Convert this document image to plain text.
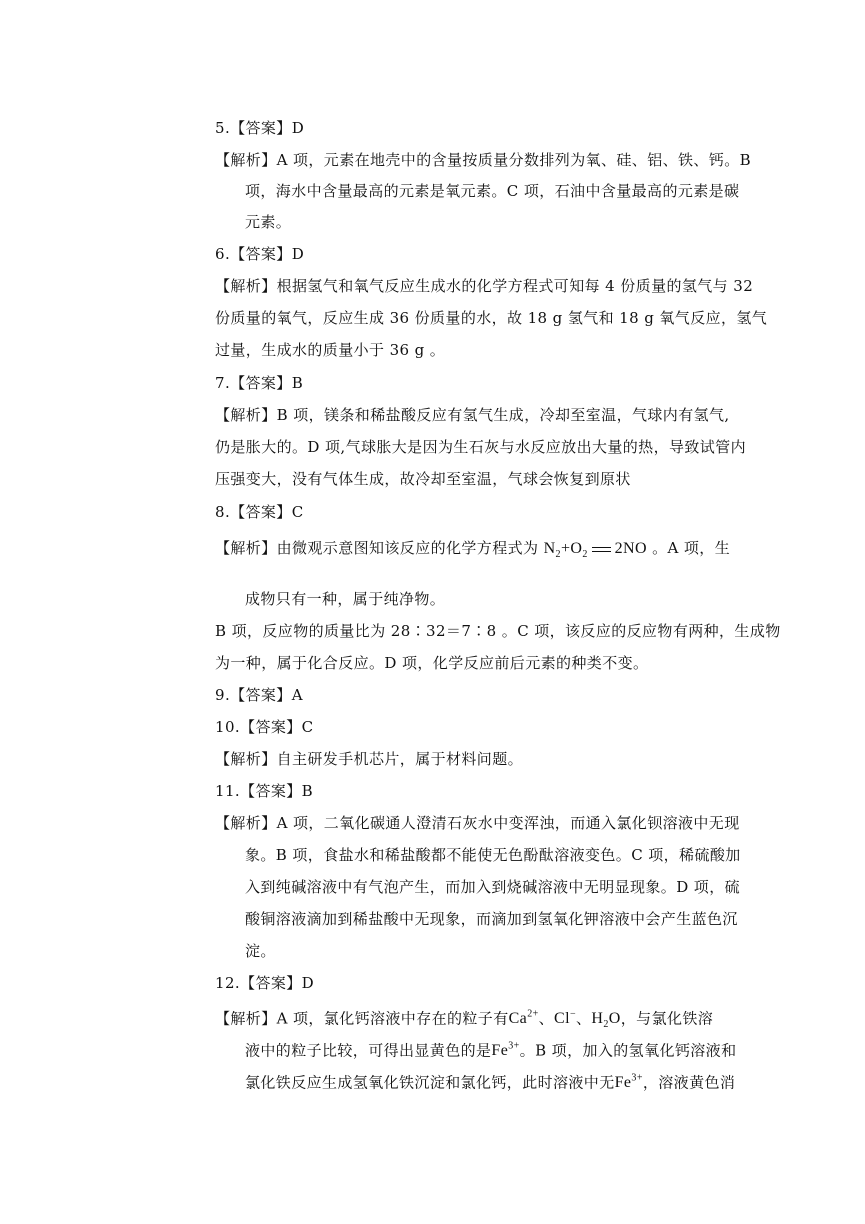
5.【答案】D
【解析】A 项，元素在地壳中的含量按质量分数排列为氧、硅、铝、铁、钙。B
项，海水中含量最高的元素是氧元素。C 项，石油中含量最高的元素是碳
元素。
6.【答案】D
【解析】根据氢气和氧气反应生成水的化学方程式可知每 4 份质量的氢气与 32
份质量的氧气，反应生成 36 份质量的水，故 18 g 氢气和 18 g 氧气反应，氢气
过量，生成水的质量小于 36 g 。
7.【答案】B
【解析】B 项，镁条和稀盐酸反应有氢气生成，冷却至室温，气球内有氢气,
仍是胀大的。D 项,气球胀大是因为生石灰与水反应放出大量的热，导致试管内
压强变大，没有气体生成，故冷却至室温，气球会恢复到原状
8.【答案】C
【解析】由微观示意图知该反应的化学方程式为 $N_2+O_2$ 2NO 。A 项，生
成物只有一种，属于纯净物。
B 项，反应物的质量比为 28∶32＝7∶8 。C 项，该反应的反应物有两种，生成物
为一种，属于化合反应。D 项，化学反应前后元素的种类不变。
9.【答案】A
10.【答案】C
【解析】自主研发手机芯片，属于材料问题。
11.【答案】B
【解析】A 项，二氧化碳通人澄清石灰水中变浑浊，而通入氯化钡溶液中无现
象。B 项，食盐水和稀盐酸都不能使无色酚酞溶液变色。C 项，稀硫酸加
入到纯碱溶液中有气泡产生，而加入到烧碱溶液中无明显现象。D 项，硫
酸铜溶液滴加到稀盐酸中无现象，而滴加到氢氧化钾溶液中会产生蓝色沉
淀。
12.【答案】D
【解析】A 项，氯化钙溶液中存在的粒子有$Ca^{2+}$、Cl−、$H_2O$，与氯化铁溶
液中的粒子比较，可得出显黄色的是$Fe^{3+}$。B 项，加入的氢氧化钙溶液和
氯化铁反应生成氢氧化铁沉淀和氯化钙，此时溶液中无$Fe^{3+}$，溶液黄色消
